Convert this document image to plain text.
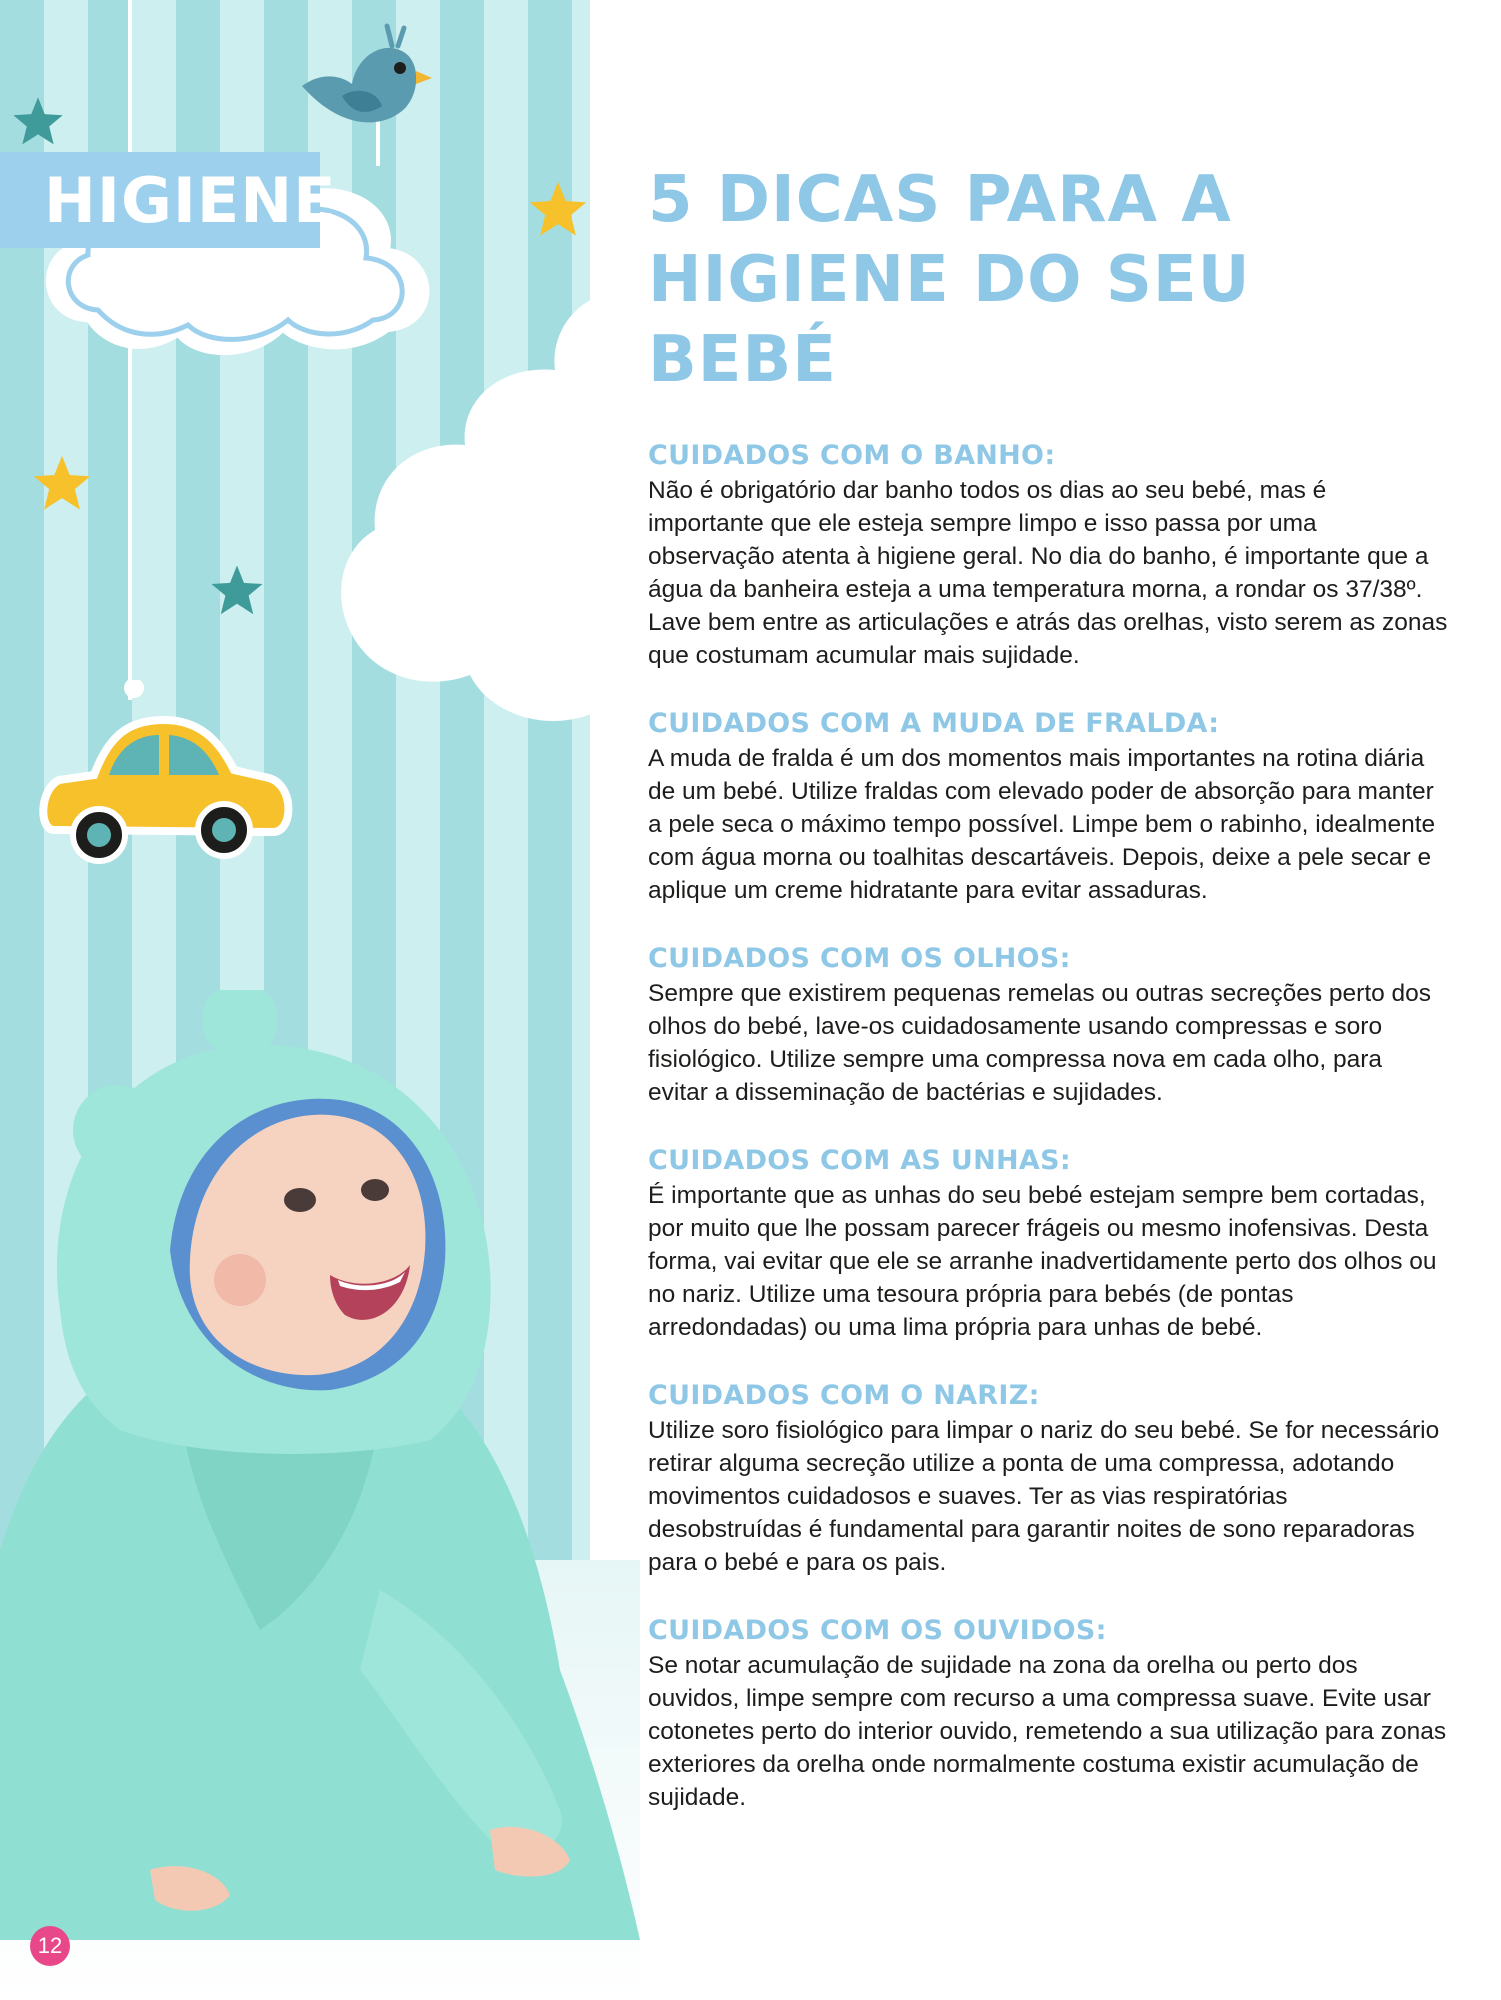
HIGIENE
12
5 DICAS PARA A HIGIENE DO SEU BEBÉ
CUIDADOS COM O BANHO:

Não é obrigatório dar banho todos os dias ao seu bebé, mas é importante que ele esteja sempre limpo e isso passa por uma observação atenta à higiene geral. No dia do banho, é importante que a água da banheira esteja a uma temperatura morna, a rondar os 37/38º. Lave bem entre as articulações e atrás das orelhas, visto serem as zonas que costumam acumular mais sujidade.

CUIDADOS COM A MUDA DE FRALDA:

A muda de fralda é um dos momentos mais importantes na rotina diária de um bebé. Utilize fraldas com elevado poder de absorção para manter a pele seca o máximo tempo possível. Limpe bem o rabinho, idealmente com água morna ou toalhitas descartáveis. Depois, deixe a pele secar e aplique um creme hidratante para evitar assaduras.

CUIDADOS COM OS OLHOS:

Sempre que existirem pequenas remelas ou outras secreções perto dos olhos do bebé, lave-os cuidadosamente usando compressas e soro fisiológico. Utilize sempre uma compressa nova em cada olho, para evitar a disseminação de bactérias e sujidades.

CUIDADOS COM AS UNHAS:

É importante que as unhas do seu bebé estejam sempre bem cortadas, por muito que lhe possam parecer frágeis ou mesmo inofensivas. Desta forma, vai evitar que ele se arranhe inadvertidamente perto dos olhos ou no nariz. Utilize uma tesoura própria para bebés (de pontas arredondadas) ou uma lima própria para unhas de bebé.

CUIDADOS COM O NARIZ:

Utilize soro fisiológico para limpar o nariz do seu bebé. Se for necessário retirar alguma secreção utilize a ponta de uma compressa, adotando movimentos cuidadosos e suaves. Ter as vias respiratórias desobstruídas é fundamental para garantir noites de sono reparadoras para o bebé e para os pais.

CUIDADOS COM OS OUVIDOS:

Se notar acumulação de sujidade na zona da orelha ou perto dos ouvidos, limpe sempre com recurso a uma compressa suave. Evite usar cotonetes perto do interior ouvido, remetendo a sua utilização para zonas exteriores da orelha onde normalmente costuma existir acumulação de sujidade.
